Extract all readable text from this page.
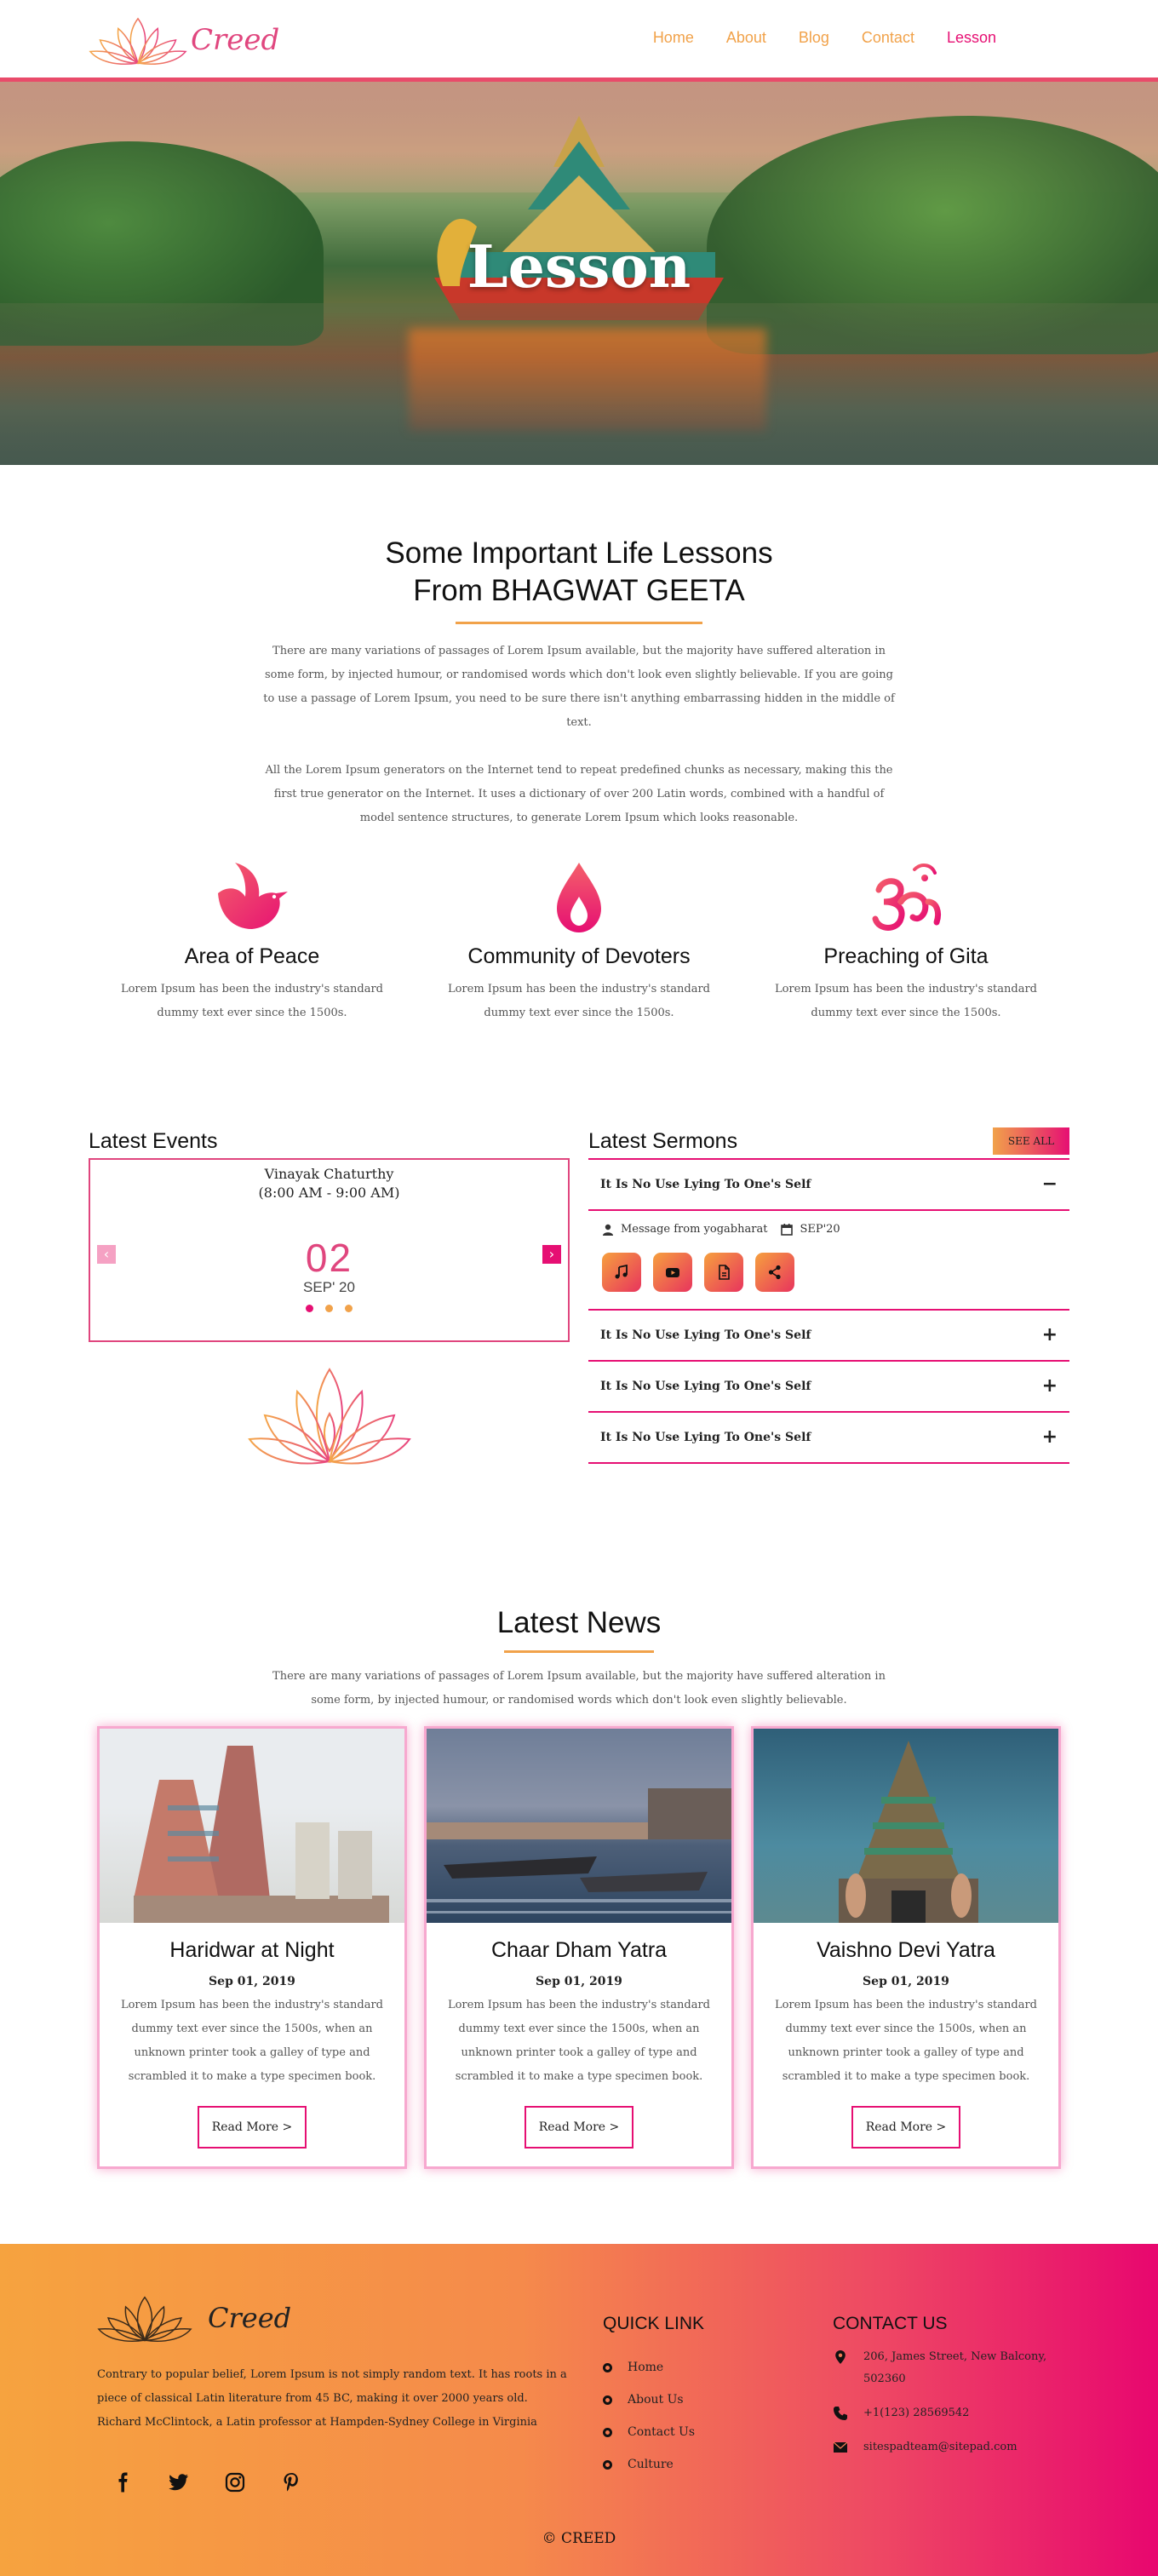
Creed	Home About Blog Contact Lesson
Lesson
Some Important Life Lessons
From BHAGWAT GEETA

There are many variations of passages of Lorem Ipsum available, but the majority have suffered alteration in some form, by injected humour, or randomised words which don't look even slightly believable. If you are going to use a passage of Lorem Ipsum, you need to be sure there isn't anything embarrassing hidden in the middle of text.

All the Lorem Ipsum generators on the Internet tend to repeat predefined chunks as necessary, making this the first true generator on the Internet. It uses a dictionary of over 200 Latin words, combined with a handful of model sentence structures, to generate Lorem Ipsum which looks reasonable.

Area of Peace

Lorem Ipsum has been the industry's standard dummy text ever since the 1500s.

Community of Devoters

Lorem Ipsum has been the industry's standard dummy text ever since the 1500s.

Preaching of Gita

Lorem Ipsum has been the industry's standard dummy text ever since the 1500s.

Latest Events
Vinayak Chaturthy
(8:00 AM - 9:00 AM)
‹	›
02
SEP' 20
Latest Sermons	SEE ALL
It Is No Use Lying To One's Self	−
Message from yogabharat	SEP'20
It Is No Use Lying To One's Self	+
It Is No Use Lying To One's Self	+
It Is No Use Lying To One's Self	+
Latest News

There are many variations of passages of Lorem Ipsum available, but the majority have suffered alteration in some form, by injected humour, or randomised words which don't look even slightly believable.

Haridwar at Night
Sep 01, 2019

Lorem Ipsum has been the industry's standard dummy text ever since the 1500s, when an unknown printer took a galley of type and scrambled it to make a type specimen book.

Read More >
Chaar Dham Yatra
Sep 01, 2019

Lorem Ipsum has been the industry's standard dummy text ever since the 1500s, when an unknown printer took a galley of type and scrambled it to make a type specimen book.

Read More >
Vaishno Devi Yatra
Sep 01, 2019

Lorem Ipsum has been the industry's standard dummy text ever since the 1500s, when an unknown printer took a galley of type and scrambled it to make a type specimen book.

Read More >
Creed

Contrary to popular belief, Lorem Ipsum is not simply random text. It has roots in a piece of classical Latin literature from 45 BC, making it over 2000 years old. Richard McClintock, a Latin professor at Hampden-Sydney College in Virginia

QUICK LINK
Home
About Us
Contact Us
Culture
CONTACT US
206, James Street, New Balcony, 502360
+1(123) 28569542
sitespadteam@sitepad.com
© CREED
